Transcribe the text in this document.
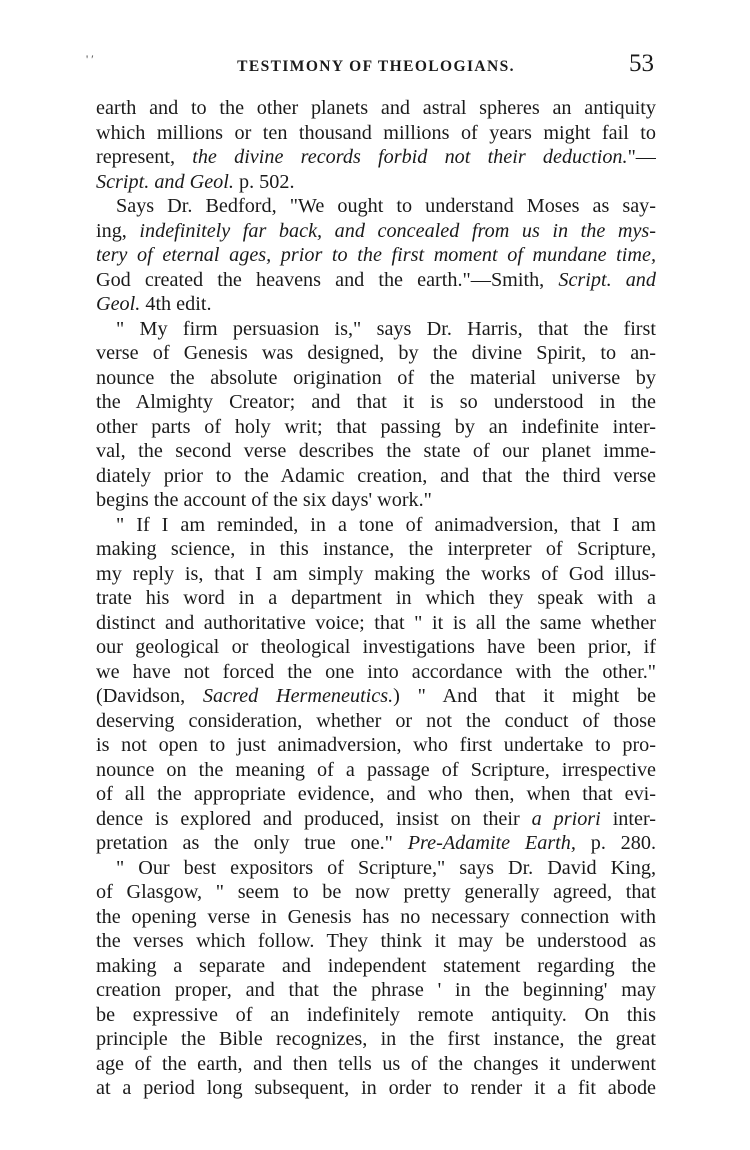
' ′	TESTIMONY OF THEOLOGIANS.	53
earth and to the other planets and astral spheres an antiquity
which millions or ten thousand millions of years might fail to
represent, the divine records forbid not their deduction."—
Script. and Geol. p. 502.
Says Dr. Bedford, "We ought to understand Moses as say-
ing, indefinitely far back, and concealed from us in the mys-
tery of eternal ages, prior to the first moment of mundane time,
God created the heavens and the earth."—Smith, Script. and
Geol. 4th edit.
" My firm persuasion is," says Dr. Harris, that the first
verse of Genesis was designed, by the divine Spirit, to an-
nounce the absolute origination of the material universe by
the Almighty Creator; and that it is so understood in the
other parts of holy writ; that passing by an indefinite inter-
val, the second verse describes the state of our planet imme-
diately prior to the Adamic creation, and that the third verse
begins the account of the six days' work."
" If I am reminded, in a tone of animadversion, that I am
making science, in this instance, the interpreter of Scripture,
my reply is, that I am simply making the works of God illus-
trate his word in a department in which they speak with a
distinct and authoritative voice; that " it is all the same whether
our geological or theological investigations have been prior, if
we have not forced the one into accordance with the other."
(Davidson, Sacred Hermeneutics.) " And that it might be
deserving consideration, whether or not the conduct of those
is not open to just animadversion, who first undertake to pro-
nounce on the meaning of a passage of Scripture, irrespective
of all the appropriate evidence, and who then, when that evi-
dence is explored and produced, insist on their a priori inter-
pretation as the only true one." Pre-Adamite Earth, p. 280.
" Our best expositors of Scripture," says Dr. David King,
of Glasgow, " seem to be now pretty generally agreed, that
the opening verse in Genesis has no necessary connection with
the verses which follow. They think it may be understood as
making a separate and independent statement regarding the
creation proper, and that the phrase ' in the beginning' may
be expressive of an indefinitely remote antiquity. On this
principle the Bible recognizes, in the first instance, the great
age of the earth, and then tells us of the changes it underwent
at a period long subsequent, in order to render it a fit abode
